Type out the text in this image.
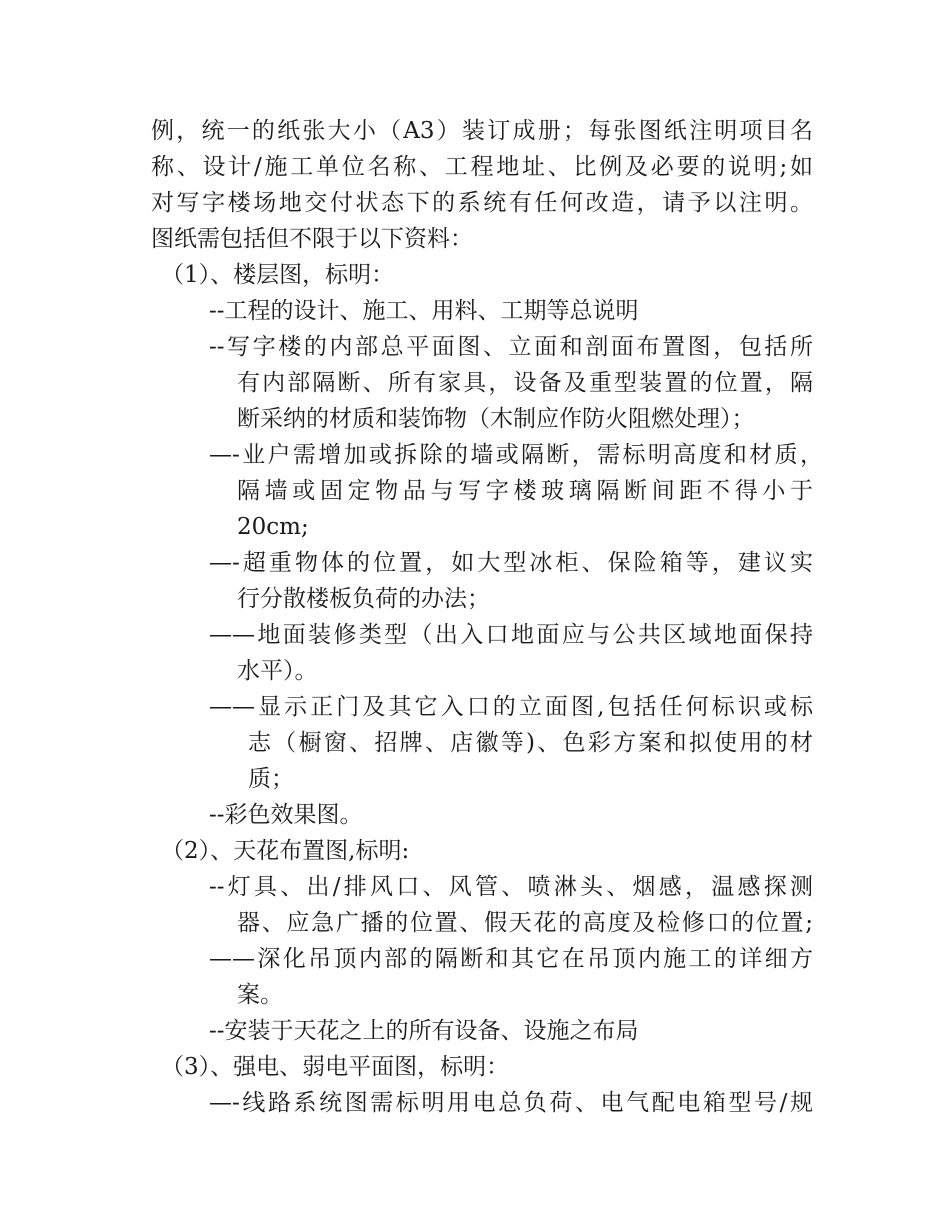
例，统一的纸张大小（A3）装订成册；每张图纸注明项目名
称、设计/施工单位名称、工程地址、比例及必要的说明;如
对写字楼场地交付状态下的系统有任何改造，请予以注明。
图纸需包括但不限于以下资料：
（1）、楼层图，标明：
--工程的设计、施工、用料、工期等总说明
--写字楼的内部总平面图、立面和剖面布置图，包括所
有内部隔断、所有家具，设备及重型装置的位置，隔
断采纳的材质和装饰物（木制应作防火阻燃处理）；
—-业户需增加或拆除的墙或隔断，需标明高度和材质，
隔墙或固定物品与写字楼玻璃隔断间距不得小于
20cm;
—-超重物体的位置，如大型冰柜、保险箱等，建议实
行分散楼板负荷的办法；
——地面装修类型（出入口地面应与公共区域地面保持
水平）。
——显示正门及其它入口的立面图,包括任何标识或标
志（橱窗、招牌、店徽等)、色彩方案和拟使用的材
质；
--彩色效果图。
（2）、天花布置图,标明:
--灯具、出/排风口、风管、喷淋头、烟感，温感探测
器、应急广播的位置、假天花的高度及检修口的位置;
——深化吊顶内部的隔断和其它在吊顶内施工的详细方
案。
--安装于天花之上的所有设备、设施之布局
（3）、强电、弱电平面图，标明：
—-线路系统图需标明用电总负荷、电气配电箱型号/规
